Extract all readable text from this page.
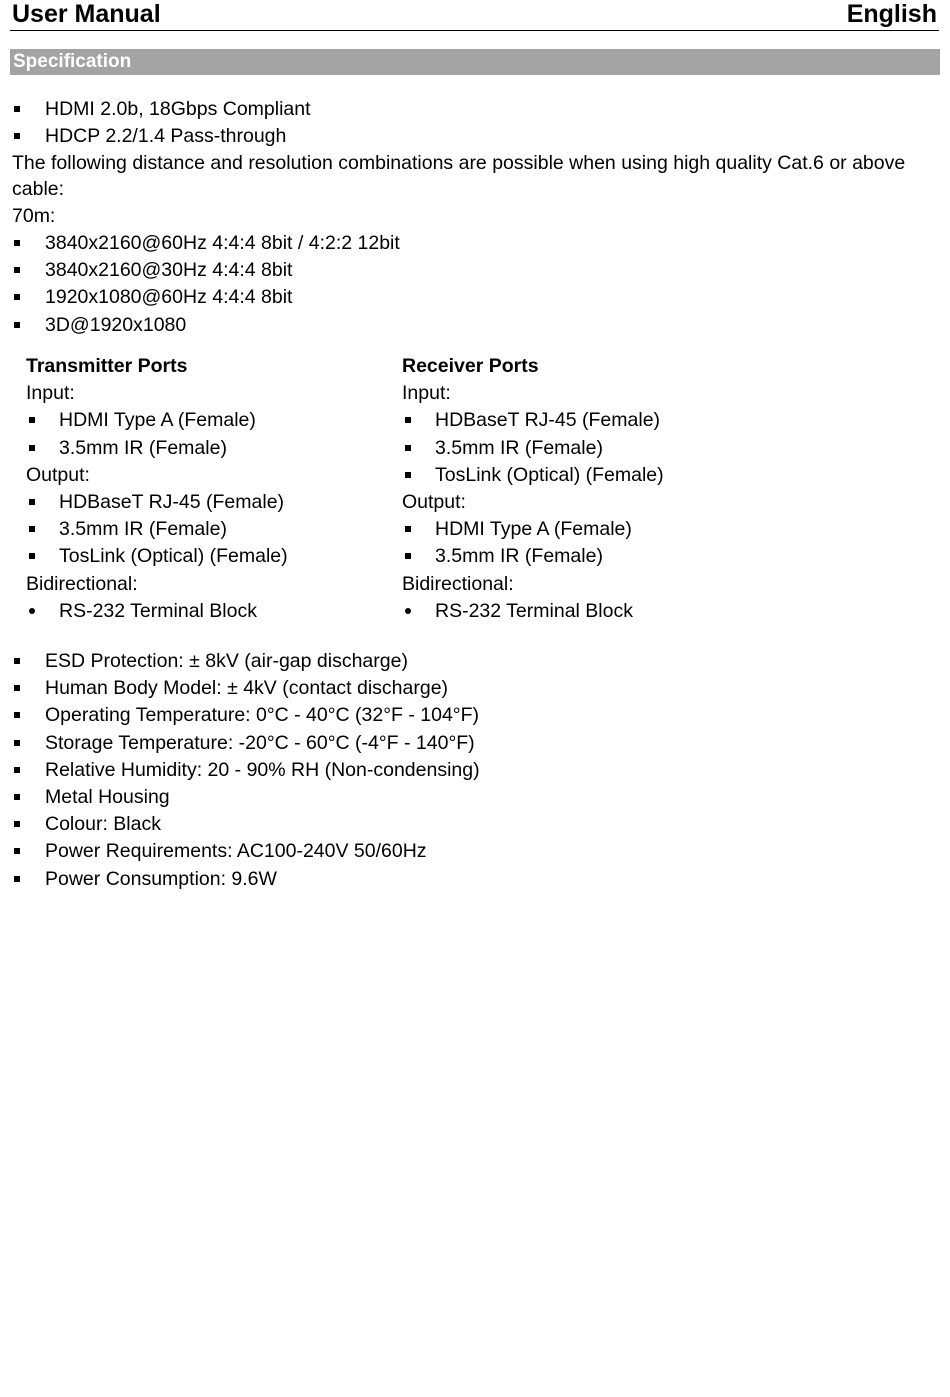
User Manual	English
Specification
HDMI 2.0b, 18Gbps Compliant
HDCP 2.2/1.4 Pass-through
The following distance and resolution combinations are possible when using high quality Cat.6 or above
cable:
70m:
3840x2160@60Hz 4:4:4 8bit / 4:2:2 12bit
3840x2160@30Hz 4:4:4 8bit
1920x1080@60Hz 4:4:4 8bit
3D@1920x1080
Transmitter Ports
Input:
HDMI Type A (Female)
3.5mm IR (Female)
Output:
HDBaseT RJ-45 (Female)
3.5mm IR (Female)
TosLink (Optical) (Female)
Bidirectional:
RS-232 Terminal Block
Receiver Ports
Input:
HDBaseT RJ-45 (Female)
3.5mm IR (Female)
TosLink (Optical) (Female)
Output:
HDMI Type A (Female)
3.5mm IR (Female)
Bidirectional:
RS-232 Terminal Block
ESD Protection: ± 8kV (air-gap discharge)
Human Body Model: ± 4kV (contact discharge)
Operating Temperature: 0°C - 40°C (32°F - 104°F)
Storage Temperature: -20°C - 60°C (-4°F - 140°F)
Relative Humidity: 20 - 90% RH (Non-condensing)
Metal Housing
Colour: Black
Power Requirements: AC100-240V 50/60Hz
Power Consumption: 9.6W
